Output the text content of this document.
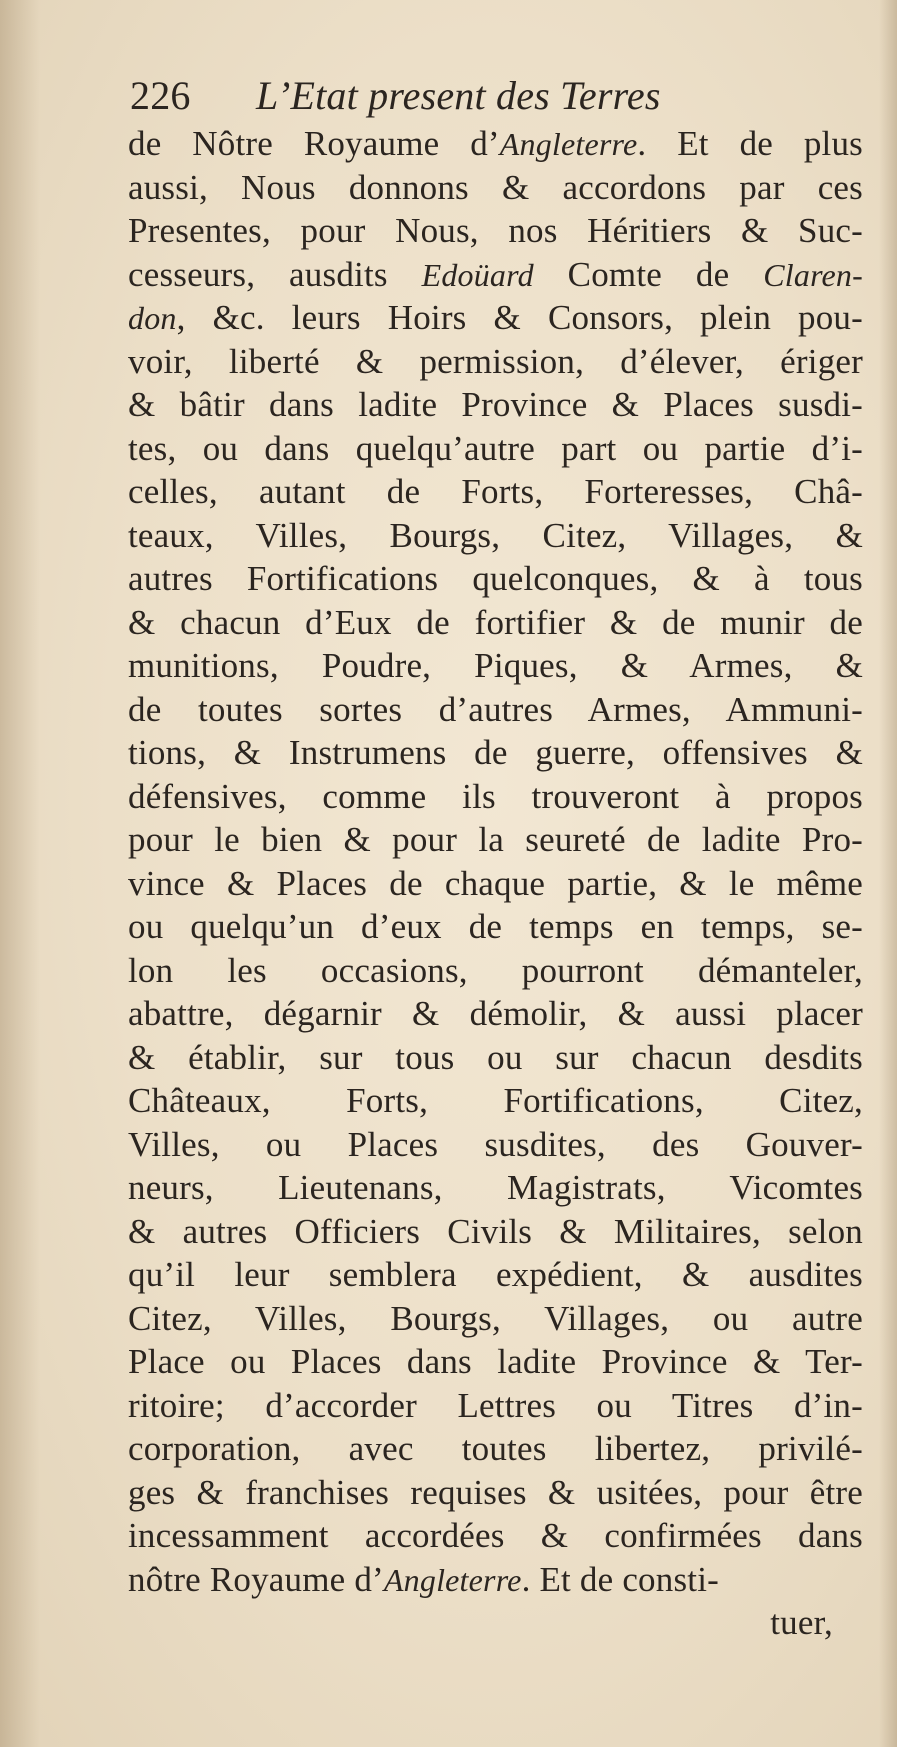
226	L’Etat present des Terres
de Nôtre Royaume d’Angleterre. Et de plus
aussi, Nous donnons & accordons par ces
Presentes, pour Nous, nos Héritiers & Suc-
cesseurs, ausdits Edoüard Comte de Claren-
don, &c. leurs Hoirs & Consors, plein pou-
voir, liberté & permission, d’élever, ériger
& bâtir dans ladite Province & Places susdi-
tes, ou dans quelqu’autre part ou partie d’i-
celles, autant de Forts, Forteresses, Châ-
teaux, Villes, Bourgs, Citez, Villages, &
autres Fortifications quelconques, & à tous
& chacun d’Eux de fortifier & de munir de
munitions, Poudre, Piques, & Armes, &
de toutes sortes d’autres Armes, Ammuni-
tions, & Instrumens de guerre, offensives &
défensives, comme ils trouveront à propos
pour le bien & pour la seureté de ladite Pro-
vince & Places de chaque partie, & le même
ou quelqu’un d’eux de temps en temps, se-
lon les occasions, pourront démanteler,
abattre, dégarnir & démolir, & aussi placer
& établir, sur tous ou sur chacun desdits
Châteaux, Forts, Fortifications, Citez,
Villes, ou Places susdites, des Gouver-
neurs, Lieutenans, Magistrats, Vicomtes
& autres Officiers Civils & Militaires, selon
qu’il leur semblera expédient, & ausdites
Citez, Villes, Bourgs, Villages, ou autre
Place ou Places dans ladite Province & Ter-
ritoire; d’accorder Lettres ou Titres d’in-
corporation, avec toutes libertez, privilé-
ges & franchises requises & usitées, pour être
incessamment accordées & confirmées dans
nôtre Royaume d’Angleterre. Et de consti-
tuer,
